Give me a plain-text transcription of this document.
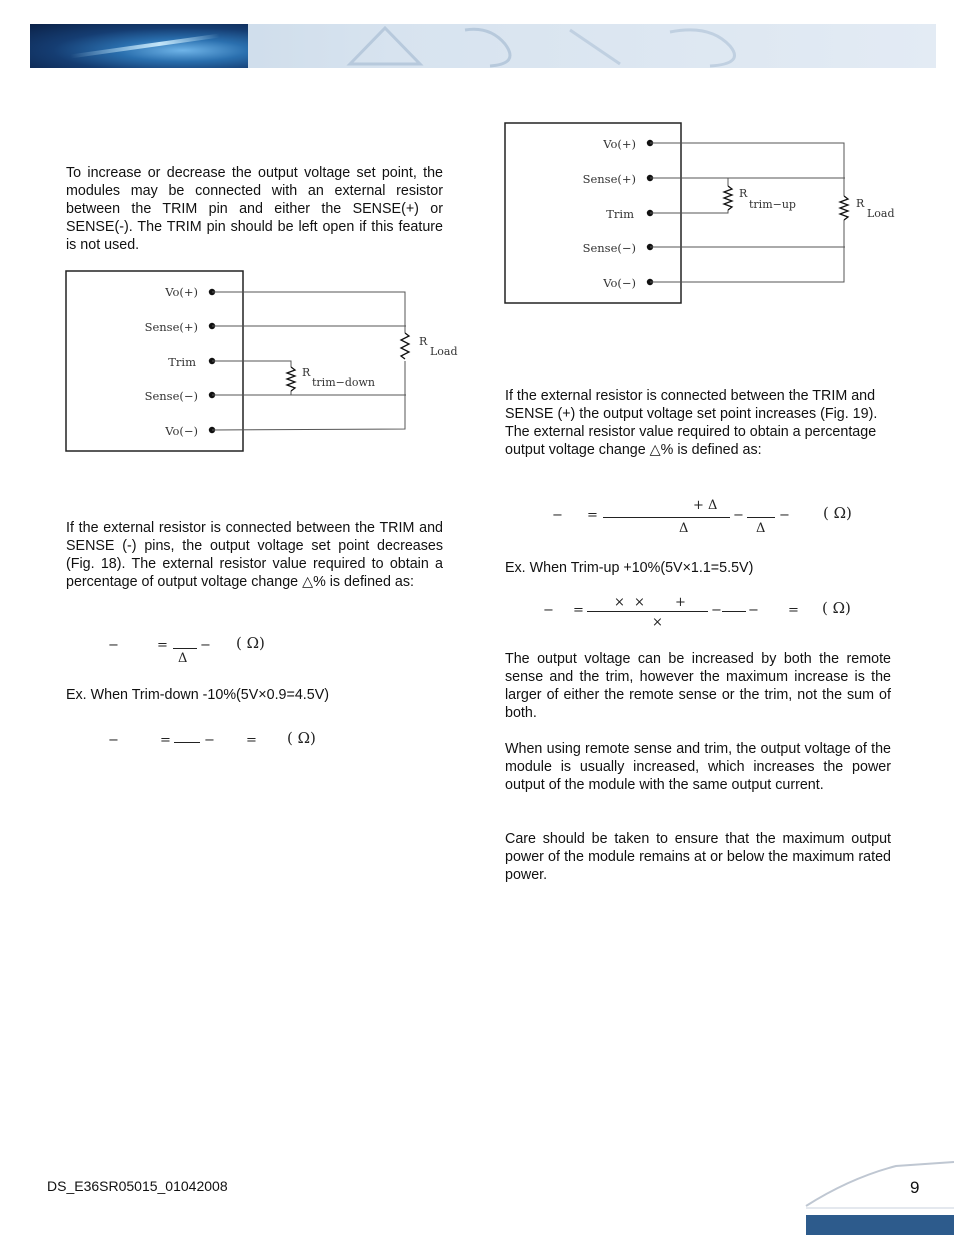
To increase or decrease the output voltage set point, the modules may be connected with an external resistor between the TRIM pin and either the SENSE(+) or SENSE(-). The TRIM pin should be left open if this feature is not used.

Vo(+)
Sense(+)
Trim
Sense(−)
Vo(−)
R
Load
R
trim−down

If the external resistor is connected between the TRIM and SENSE (-) pins, the output voltage set point decreases (Fig. 18). The external resistor value required to obtain a percentage of output voltage change △% is defined as:

−	=
Δ
− ( Ω)

Ex. When Trim-down -10%(5V×0.9=4.5V)

−	=	− = ( Ω)
Vo(+)
Sense(+)
Trim
Sense(−)
Vo(−)
R
trim−up	R
Load

If the external resistor is connected between the TRIM and SENSE (+) the output voltage set point increases (Fig. 19). The external resistor value required to obtain a percentage output voltage change △% is defined as:

− =
+ Δ
Δ
−
Δ
− ( Ω)

Ex. When Trim-up +10%(5V×1.1=5.5V)

− =
× × +
×
− − = ( Ω)

The output voltage can be increased by both the remote sense and the trim, however the maximum increase is the larger of either the remote sense or the trim, not the sum of both.

When using remote sense and trim, the output voltage of the module is usually increased, which increases the power output of the module with the same output current.

Care should be taken to ensure that the maximum output power of the module remains at or below the maximum rated power.

DS_E36SR05015_01042008	9
